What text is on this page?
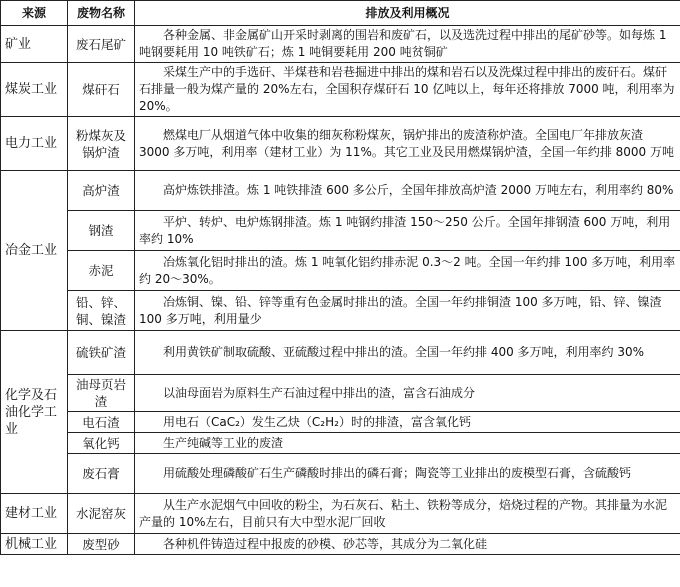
来源	废物名称	排放及利用概况
矿业	废石尾矿	各种金属、非金属矿山开采时剥离的围岩和废矿石，以及选洗过程中排出的尾矿砂等。如每炼 1 吨钢要耗用 10 吨铁矿石；炼 1 吨铜要耗用 200 吨贫铜矿
煤炭工业	煤矸石	采煤生产中的手选矸、半煤巷和岩巷掘进中排出的煤和岩石以及洗煤过程中排出的废矸石。煤矸石排量一般为煤产量的 20%左右，全国积存煤矸石 10 亿吨以上，每年还将排放 7000 吨，利用率为 20%。
电力工业	粉煤灰及锅炉渣	燃煤电厂从烟道气体中收集的细灰称粉煤灰，锅炉排出的废渣称炉渣。全国电厂年排放灰渣 3000 多万吨，利用率（建材工业）为 11%。其它工业及民用燃煤锅炉渣，全国一年约排 8000 万吨
冶金工业	高炉渣	高炉炼铁排渣。炼 1 吨铁排渣 600 多公斤，全国年排放高炉渣 2000 万吨左右，利用率约 80%
	钢渣	平炉、转炉、电炉炼钢排渣。炼 1 吨钢约排渣 150～250 公斤。全国年排钢渣 600 万吨，利用率约 10%
	赤泥	冶炼氧化铝时排出的渣。炼 1 吨氧化铝约排赤泥 0.3～2 吨。全国一年约排 100 多万吨，利用率约 20～30%。
	铅、锌、铜、镍渣	冶炼铜、镍、铅、锌等重有色金属时排出的渣。全国一年约排铜渣 100 多万吨，铅、锌、镍渣 100 多万吨，利用量少
化学及石油化学工业	硫铁矿渣	利用黄铁矿制取硫酸、亚硫酸过程中排出的渣。全国一年约排 400 多万吨，利用率约 30%
	油母页岩渣	以油母面岩为原料生产石油过程中排出的渣，富含石油成分
	电石渣	用电石（CaC₂）发生乙炔（C₂H₂）时的排渣，富含氧化钙
	氧化钙	生产纯碱等工业的废渣
	废石膏	用硫酸处理磷酸矿石生产磷酸时排出的磷石膏；陶瓷等工业排出的废模型石膏，含硫酸钙
建材工业	水泥窑灰	从生产水泥烟气中回收的粉尘，为石灰石、粘土、铁粉等成分，焙烧过程的产物。其排量为水泥产量的 10%左右，目前只有大中型水泥厂回收
机械工业	废型砂	各种机件铸造过程中报废的砂模、砂芯等，其成分为二氧化硅
